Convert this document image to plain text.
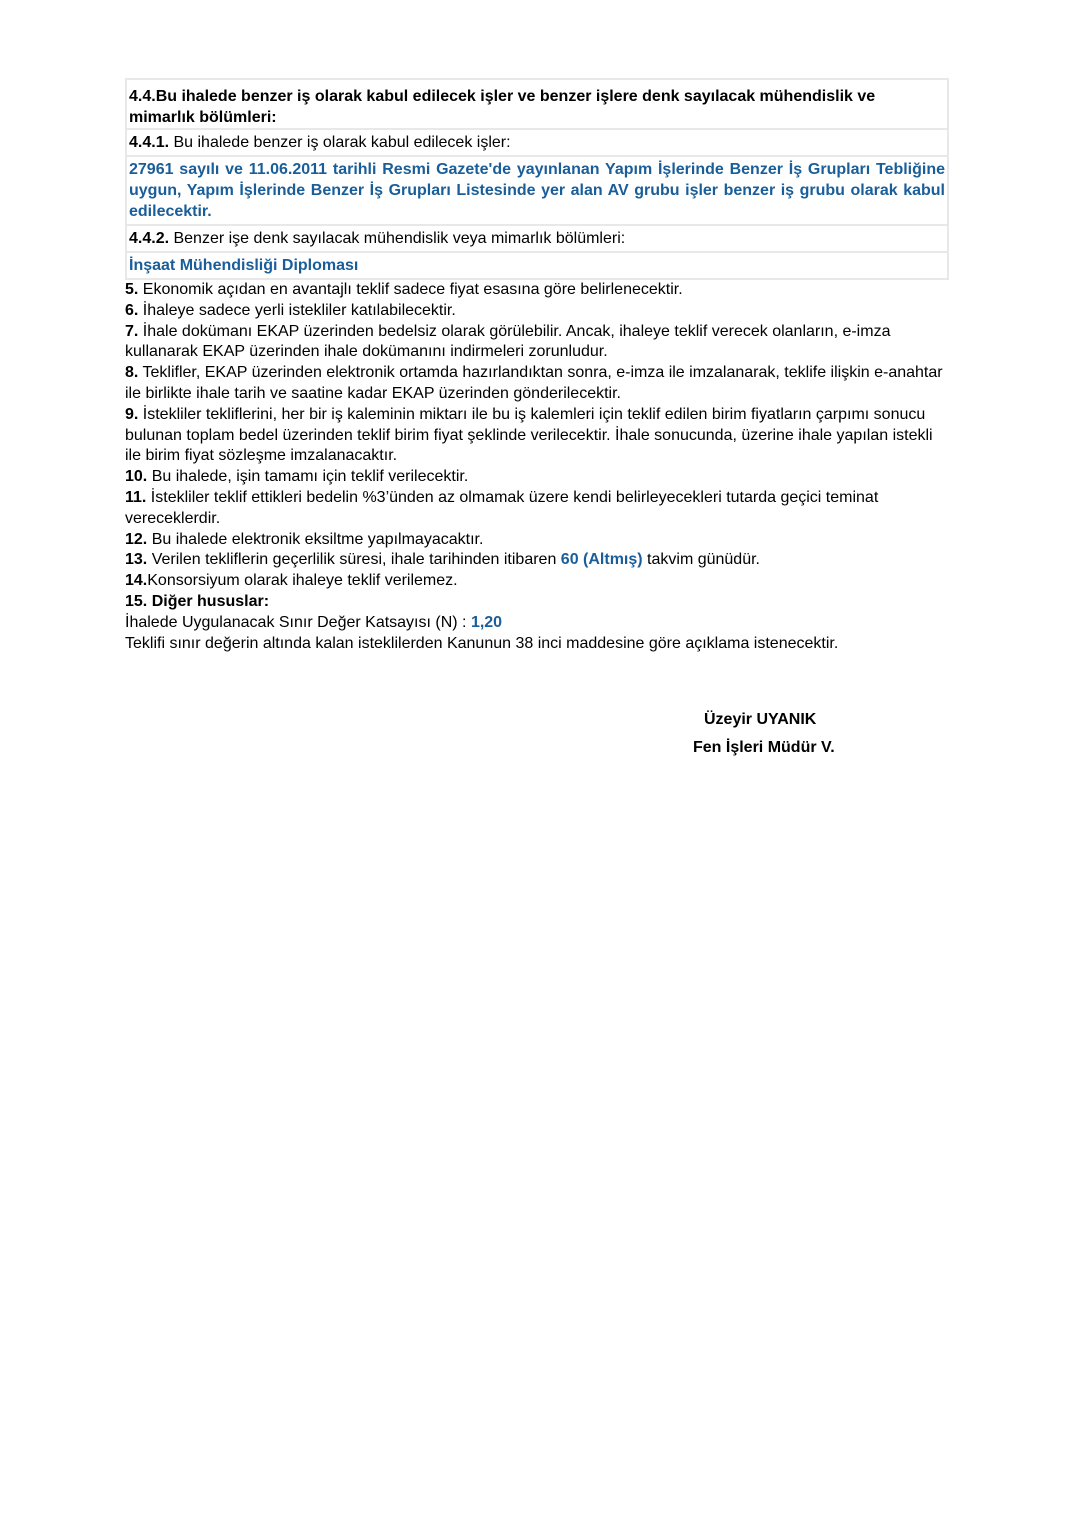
4.4.Bu ihalede benzer iş olarak kabul edilecek işler ve benzer işlere denk sayılacak mühendislik ve mimarlık bölümleri:
4.4.1. Bu ihalede benzer iş olarak kabul edilecek işler:
27961 sayılı ve 11.06.2011 tarihli Resmi Gazete'de yayınlanan Yapım İşlerinde Benzer İş Grupları Tebliğine uygun, Yapım İşlerinde Benzer İş Grupları Listesinde yer alan AV grubu işler benzer iş grubu olarak kabul edilecektir.
4.4.2. Benzer işe denk sayılacak mühendislik veya mimarlık bölümleri:
İnşaat Mühendisliği Diploması
5. Ekonomik açıdan en avantajlı teklif sadece fiyat esasına göre belirlenecektir.
6. İhaleye sadece yerli istekliler katılabilecektir.
7. İhale dokümanı EKAP üzerinden bedelsiz olarak görülebilir. Ancak, ihaleye teklif verecek olanların, e-imza kullanarak EKAP üzerinden ihale dokümanını indirmeleri zorunludur.
8. Teklifler, EKAP üzerinden elektronik ortamda hazırlandıktan sonra, e-imza ile imzalanarak, teklife ilişkin e-anahtar ile birlikte ihale tarih ve saatine kadar EKAP üzerinden gönderilecektir.
9. İstekliler tekliflerini, her bir iş kaleminin miktarı ile bu iş kalemleri için teklif edilen birim fiyatların çarpımı sonucu bulunan toplam bedel üzerinden teklif birim fiyat şeklinde verilecektir. İhale sonucunda, üzerine ihale yapılan istekli ile birim fiyat sözleşme imzalanacaktır.
10. Bu ihalede, işin tamamı için teklif verilecektir.
11. İstekliler teklif ettikleri bedelin %3’ünden az olmamak üzere kendi belirleyecekleri tutarda geçici teminat vereceklerdir.
12. Bu ihalede elektronik eksiltme yapılmayacaktır.
13. Verilen tekliflerin geçerlilik süresi, ihale tarihinden itibaren 60 (Altmış) takvim günüdür.
14.Konsorsiyum olarak ihaleye teklif verilemez.
15. Diğer hususlar:
İhalede Uygulanacak Sınır Değer Katsayısı (N) : 1,20
Teklifi sınır değerin altında kalan isteklilerden Kanunun 38 inci maddesine göre açıklama istenecektir.
Üzeyir UYANIK
Fen İşleri Müdür V.
